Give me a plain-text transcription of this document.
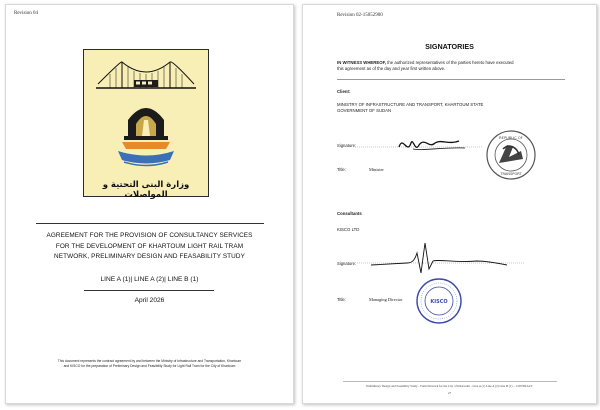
Revision 04
وزارة البنى التحتية و المواصلات
AGREEMENT FOR THE PROVISION OF CONSULTANCY SERVICES
FOR THE DEVELOPMENT OF KHARTOUM LIGHT RAIL TRAM
NETWORK, PRELIMINARY DESIGN AND FEASABILITY STUDY
LINE A (1)| LINE A (2)| LINE B (1)
April 2026
This document represents the contract agreement by and between the Ministry of Infrastructure and Transportation, Khartoum
and KISCO for the preparation of Preliminary Design and Feasibility Study for Light Rail Tram for the City of Khartoum
Revision 02-15052900
SIGNATORIES
IN WITNESS WHEREOF, the authorized representatives of the parties hereto have executed
this agreement as of the day and year first written above.
Client:
MINISTRY OF INFRASTRUCTURE AND TRANSPORT, KHARTOUM STATE
GOVERNMENT OF SUDAN
Signature:
REPUBLIC OF
TRANSPORT
Title:	Minister
Consultants
KISCO LTD
Signature:
KISCO
Title:	Managing Director
Preliminary Design and Feasibility Study - Tram Network for the City of Khartoum - Line A (1) Line A (2) Line B (1) -- CONTRACT
27
